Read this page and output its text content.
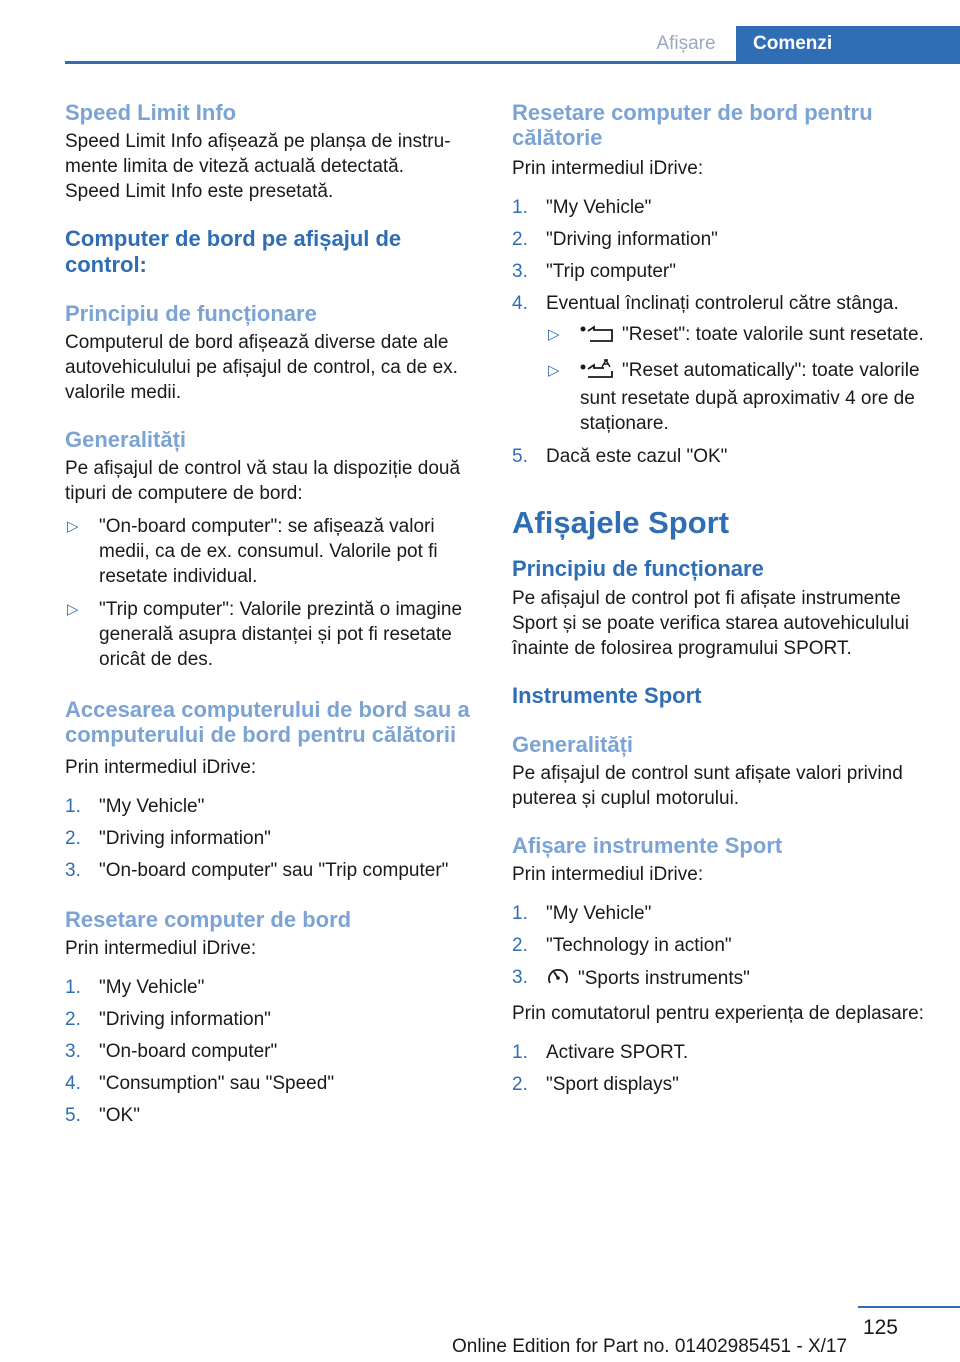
Afișare	Comenzi
Speed Limit Info

Speed Limit Info afișează pe planșa de instrumente limita de viteză actuală detectată.

Speed Limit Info este presetată.

Computer de bord pe afișajul de control:
Principiu de funcționare

Computerul de bord afișează diverse date ale autovehiculului pe afișajul de control, ca de ex. valorile medii.

Generalități

Pe afișajul de control vă stau la dispoziție două tipuri de computere de bord:

▷ "On-board computer": se afișează valori medii, ca de ex. consumul. Valorile pot fi resetate individual.
▷ "Trip computer": Valorile prezintă o imagine generală asupra distanței și pot fi resetate oricât de des.
Accesarea computerului de bord sau a computerului de bord pentru călătorii

Prin intermediul iDrive:

1. "My Vehicle"
2. "Driving information"
3. "On-board computer" sau "Trip computer"
Resetare computer de bord

Prin intermediul iDrive:

1. "My Vehicle"
2. "Driving information"
3. "On-board computer"
4. "Consumption" sau "Speed"
5. "OK"
Resetare computer de bord pentru călătorie

Prin intermediul iDrive:

1. "My Vehicle"
2. "Driving information"
3. "Trip computer"
4. Eventual înclinați controlerul către stânga.
▷	"Reset": toate valorile sunt resetate.
▷	"Reset automatically": toate valorile sunt resetate după aproximativ 4 ore de staționare.
5. Dacă este cazul "OK"
Afișajele Sport
Principiu de funcționare

Pe afișajul de control pot fi afișate instrumente Sport și se poate verifica starea autovehiculului înainte de folosirea programului SPORT.

Instrumente Sport
Generalități

Pe afișajul de control sunt afișate valori privind puterea și cuplul motorului.

Afișare instrumente Sport

Prin intermediul iDrive:

1. "My Vehicle"
2. "Technology in action"
3.	"Sports instruments"

Prin comutatorul pentru experiența de deplasare:

1. Activare SPORT.
2. "Sport displays"
125
Online Edition for Part no. 01402985451 - X/17
